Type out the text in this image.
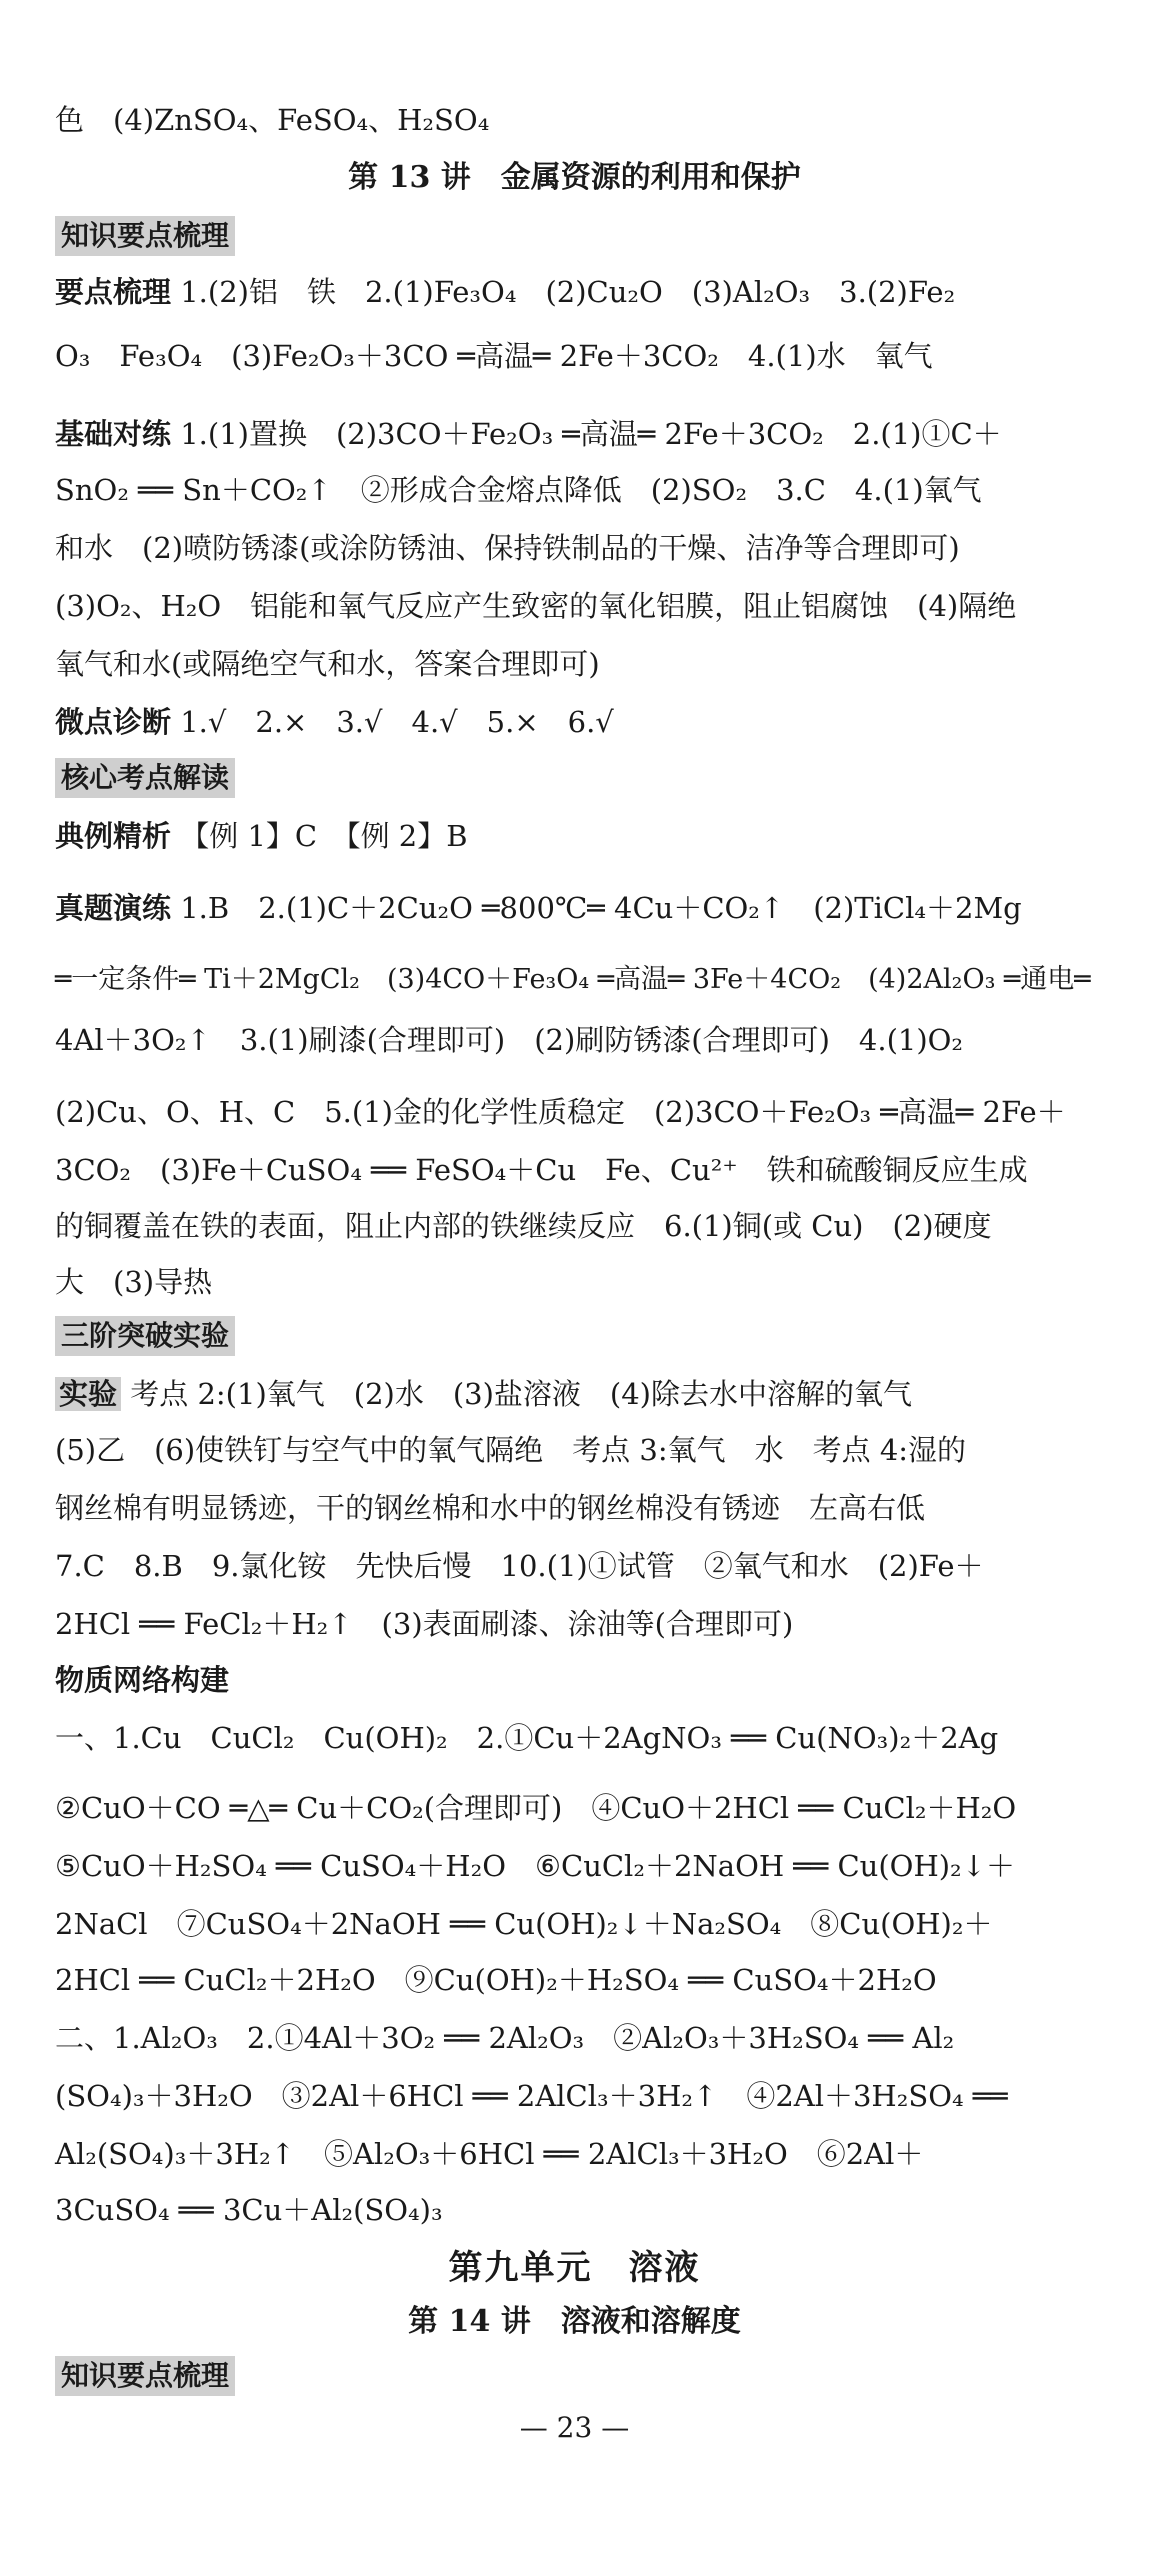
色　(4)ZnSO₄、FeSO₄、H₂SO₄
第 13 讲　金属资源的利用和保护
知识要点梳理
要点梳理 1.(2)铝　铁　2.(1)Fe₃O₄　(2)Cu₂O　(3)Al₂O₃　3.(2)Fe₂
O₃　Fe₃O₄　(3)Fe₂O₃＋3CO ═高温═ 2Fe＋3CO₂　4.(1)水　氧气
基础对练 1.(1)置换　(2)3CO＋Fe₂O₃ ═高温═ 2Fe＋3CO₂　2.(1)①C＋
SnO₂ ══ Sn＋CO₂↑　②形成合金熔点降低　(2)SO₂　3.C　4.(1)氧气
和水　(2)喷防锈漆(或涂防锈油、保持铁制品的干燥、洁净等合理即可)
(3)O₂、H₂O　铝能和氧气反应产生致密的氧化铝膜，阻止铝腐蚀　(4)隔绝
氧气和水(或隔绝空气和水，答案合理即可)
微点诊断 1.√　2.×　3.√　4.√　5.×　6.√
核心考点解读
典例精析 【例 1】C　【例 2】B
真题演练 1.B　2.(1)C＋2Cu₂O ═800℃═ 4Cu＋CO₂↑　(2)TiCl₄＋2Mg
═一定条件═ Ti＋2MgCl₂　(3)4CO＋Fe₃O₄ ═高温═ 3Fe＋4CO₂　(4)2Al₂O₃ ═通电═
4Al＋3O₂↑　3.(1)刷漆(合理即可)　(2)刷防锈漆(合理即可)　4.(1)O₂
(2)Cu、O、H、C　5.(1)金的化学性质稳定　(2)3CO＋Fe₂O₃ ═高温═ 2Fe＋
3CO₂　(3)Fe＋CuSO₄ ══ FeSO₄＋Cu　Fe、Cu²⁺　铁和硫酸铜反应生成
的铜覆盖在铁的表面，阻止内部的铁继续反应　6.(1)铜(或 Cu)　(2)硬度
大　(3)导热
三阶突破实验
实验 考点 2:(1)氧气　(2)水　(3)盐溶液　(4)除去水中溶解的氧气
(5)乙　(6)使铁钉与空气中的氧气隔绝　考点 3:氧气　水　考点 4:湿的
钢丝棉有明显锈迹，干的钢丝棉和水中的钢丝棉没有锈迹　左高右低
7.C　8.B　9.氯化铵　先快后慢　10.(1)①试管　②氧气和水　(2)Fe＋
2HCl ══ FeCl₂＋H₂↑　(3)表面刷漆、涂油等(合理即可)
物质网络构建
一、1.Cu　CuCl₂　Cu(OH)₂　2.①Cu＋2AgNO₃ ══ Cu(NO₃)₂＋2Ag
②CuO＋CO ═△═ Cu＋CO₂(合理即可)　④CuO＋2HCl ══ CuCl₂＋H₂O
⑤CuO＋H₂SO₄ ══ CuSO₄＋H₂O　⑥CuCl₂＋2NaOH ══ Cu(OH)₂↓＋
2NaCl　⑦CuSO₄＋2NaOH ══ Cu(OH)₂↓＋Na₂SO₄　⑧Cu(OH)₂＋
2HCl ══ CuCl₂＋2H₂O　⑨Cu(OH)₂＋H₂SO₄ ══ CuSO₄＋2H₂O
二、1.Al₂O₃　2.①4Al＋3O₂ ══ 2Al₂O₃　②Al₂O₃＋3H₂SO₄ ══ Al₂
(SO₄)₃＋3H₂O　③2Al＋6HCl ══ 2AlCl₃＋3H₂↑　④2Al＋3H₂SO₄ ══
Al₂(SO₄)₃＋3H₂↑　⑤Al₂O₃＋6HCl ══ 2AlCl₃＋3H₂O　⑥2Al＋
3CuSO₄ ══ 3Cu＋Al₂(SO₄)₃
第九单元　溶液
第 14 讲　溶液和溶解度
知识要点梳理
— 23 —
